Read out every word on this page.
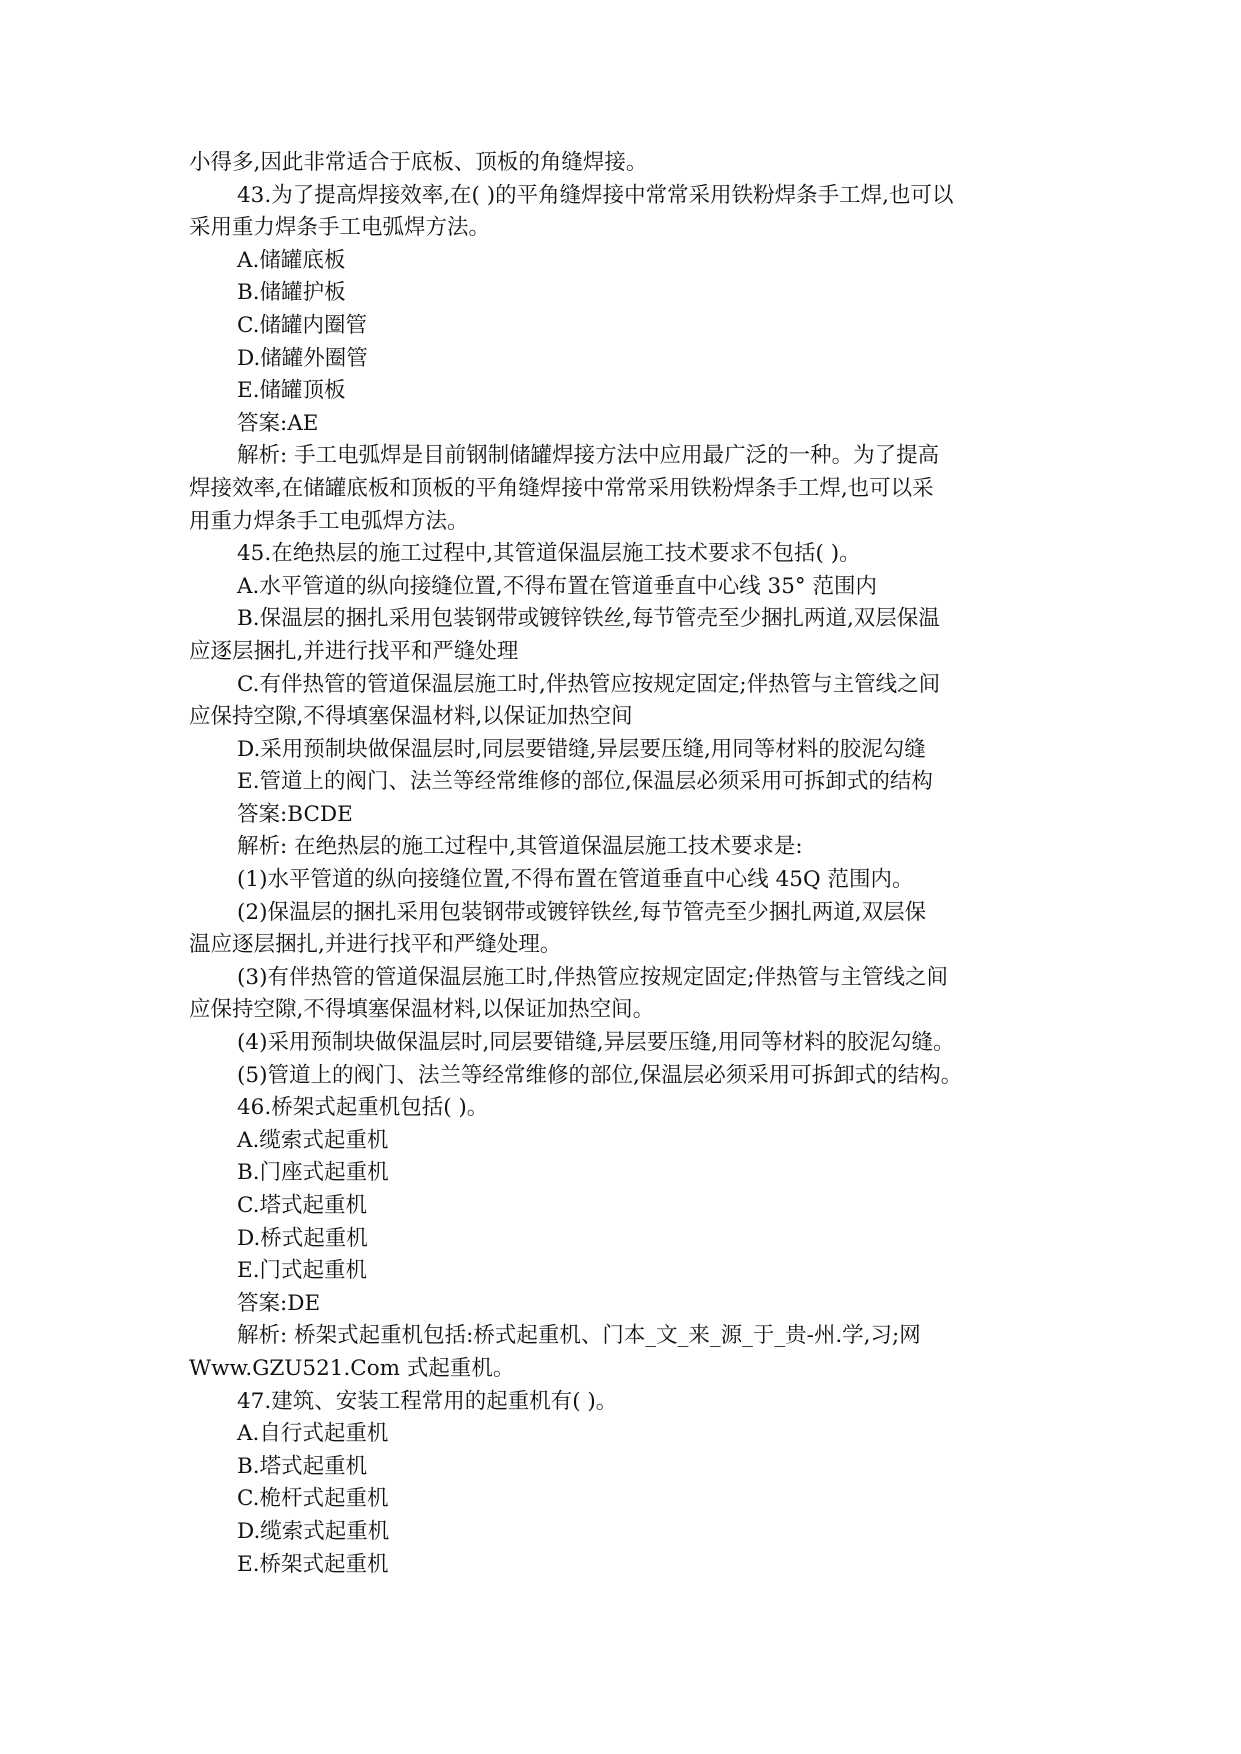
小得多,因此非常适合于底板、顶板的角缝焊接。
43.为了提高焊接效率,在( )的平角缝焊接中常常采用铁粉焊条手工焊,也可以
采用重力焊条手工电弧焊方法。
A.储罐底板
B.储罐护板
C.储罐内圈管
D.储罐外圈管
E.储罐顶板
答案:AE
解析: 手工电弧焊是目前钢制储罐焊接方法中应用最广泛的一种。为了提高
焊接效率,在储罐底板和顶板的平角缝焊接中常常采用铁粉焊条手工焊,也可以采
用重力焊条手工电弧焊方法。
45.在绝热层的施工过程中,其管道保温层施工技术要求不包括( )。
A.水平管道的纵向接缝位置,不得布置在管道垂直中心线 35° 范围内
B.保温层的捆扎采用包装钢带或镀锌铁丝,每节管壳至少捆扎两道,双层保温
应逐层捆扎,并进行找平和严缝处理
C.有伴热管的管道保温层施工时,伴热管应按规定固定;伴热管与主管线之间
应保持空隙,不得填塞保温材料,以保证加热空间
D.采用预制块做保温层时,同层要错缝,异层要压缝,用同等材料的胶泥勾缝
E.管道上的阀门、法兰等经常维修的部位,保温层必须采用可拆卸式的结构
答案:BCDE
解析: 在绝热层的施工过程中,其管道保温层施工技术要求是:
(1)水平管道的纵向接缝位置,不得布置在管道垂直中心线 45Q 范围内。
(2)保温层的捆扎采用包装钢带或镀锌铁丝,每节管壳至少捆扎两道,双层保
温应逐层捆扎,并进行找平和严缝处理。
(3)有伴热管的管道保温层施工时,伴热管应按规定固定;伴热管与主管线之间
应保持空隙,不得填塞保温材料,以保证加热空间。
(4)采用预制块做保温层时,同层要错缝,异层要压缝,用同等材料的胶泥勾缝。
(5)管道上的阀门、法兰等经常维修的部位,保温层必须采用可拆卸式的结构。
46.桥架式起重机包括( )。
A.缆索式起重机
B.门座式起重机
C.塔式起重机
D.桥式起重机
E.门式起重机
答案:DE
解析: 桥架式起重机包括:桥式起重机、门本_文_来_源_于_贵-州.学,习;网
Www.GZU521.Com 式起重机。
47.建筑、安装工程常用的起重机有( )。
A.自行式起重机
B.塔式起重机
C.桅杆式起重机
D.缆索式起重机
E.桥架式起重机
